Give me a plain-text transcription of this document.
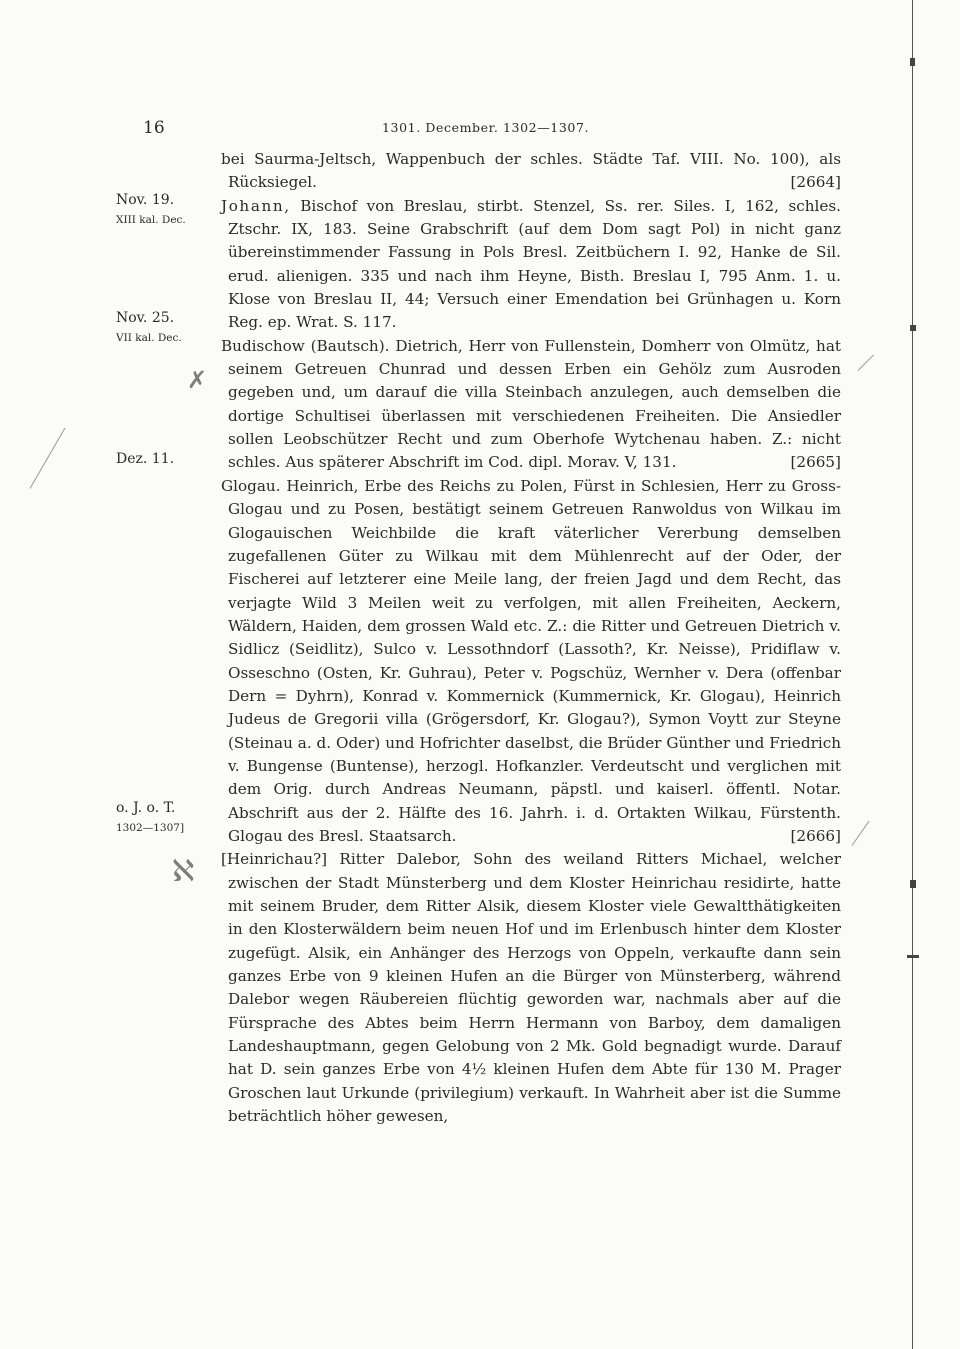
16	1301. December. 1302—1307.
Nov. 19.
XIII kal. Dec.
Nov. 25.
VII kal. Dec.
Dez. 11.
o. J. o. T.
1302—1307]

bei Saurma-Jeltsch, Wappenbuch der schles. Städte Taf. VIII. No. 100), als Rücksiegel.	[2664]

Johann, Bischof von Breslau, stirbt. Stenzel, Ss. rer. Siles. I, 162, schles. Ztschr. IX, 183. Seine Grabschrift (auf dem Dom sagt Pol) in nicht ganz übereinstimmender Fassung in Pols Bresl. Zeitbüchern I. 92, Hanke de Sil. erud. alienigen. 335 und nach ihm Heyne, Bisth. Breslau I, 795 Anm. 1. u. Klose von Breslau II, 44; Versuch einer Emendation bei Grünhagen u. Korn Reg. ep. Wrat. S. 117.

Budischow (Bautsch). Dietrich, Herr von Fullenstein, Domherr von Olmütz, hat seinem Getreuen Chunrad und dessen Erben ein Gehölz zum Ausroden gegeben und, um darauf die villa Steinbach anzulegen, auch demselben die dortige Schultisei überlassen mit verschiedenen Freiheiten. Die Ansiedler sollen Leobschützer Recht und zum Oberhofe Wytchenau haben. Z.: nicht schles. Aus späterer Abschrift im Cod. dipl. Morav. V, 131.	[2665]

Glogau. Heinrich, Erbe des Reichs zu Polen, Fürst in Schlesien, Herr zu Gross-Glogau und zu Posen, bestätigt seinem Getreuen Ranwoldus von Wilkau im Glogauischen Weichbilde die kraft väterlicher Vererbung demselben zugefallenen Güter zu Wilkau mit dem Mühlenrecht auf der Oder, der Fischerei auf letzterer eine Meile lang, der freien Jagd und dem Recht, das verjagte Wild 3 Meilen weit zu verfolgen, mit allen Freiheiten, Aeckern, Wäldern, Haiden, dem grossen Wald etc. Z.: die Ritter und Getreuen Dietrich v. Sidlicz (Seidlitz), Sulco v. Lessothndorf (Lassoth?, Kr. Neisse), Pridiflaw v. Osseschno (Osten, Kr. Guhrau), Peter v. Pogschüz, Wernher v. Dera (offenbar Dern = Dyhrn), Konrad v. Kommernick (Kummernick, Kr. Glogau), Heinrich Judeus de Gregorii villa (Grögersdorf, Kr. Glogau?), Symon Voytt zur Steyne (Steinau a. d. Oder) und Hofrichter daselbst, die Brüder Günther und Friedrich v. Bungense (Buntense), herzogl. Hofkanzler. Verdeutscht und verglichen mit dem Orig. durch Andreas Neumann, päpstl. und kaiserl. öffentl. Notar. Abschrift aus der 2. Hälfte des 16. Jahrh. i. d. Ortakten Wilkau, Fürstenth. Glogau des Bresl. Staatsarch.	[2666]

[Heinrichau?] Ritter Dalebor, Sohn des weiland Ritters Michael, welcher zwischen der Stadt Münsterberg und dem Kloster Heinrichau residirte, hatte mit seinem Bruder, dem Ritter Alsik, diesem Kloster viele Gewaltthätigkeiten in den Klosterwäldern beim neuen Hof und im Erlenbusch hinter dem Kloster zugefügt. Alsik, ein Anhänger des Herzogs von Oppeln, verkaufte dann sein ganzes Erbe von 9 kleinen Hufen an die Bürger von Münsterberg, während Dalebor wegen Räubereien flüchtig geworden war, nachmals aber auf die Fürsprache des Abtes beim Herrn Hermann von Barboy, dem damaligen Landeshauptmann, gegen Gelobung von 2 Mk. Gold begnadigt wurde. Darauf hat D. sein ganzes Erbe von 4½ kleinen Hufen dem Abte für 130 M. Prager Groschen laut Urkunde (privilegium) verkauft. In Wahrheit aber ist die Summe beträchtlich höher gewesen,

✗
ℵ
